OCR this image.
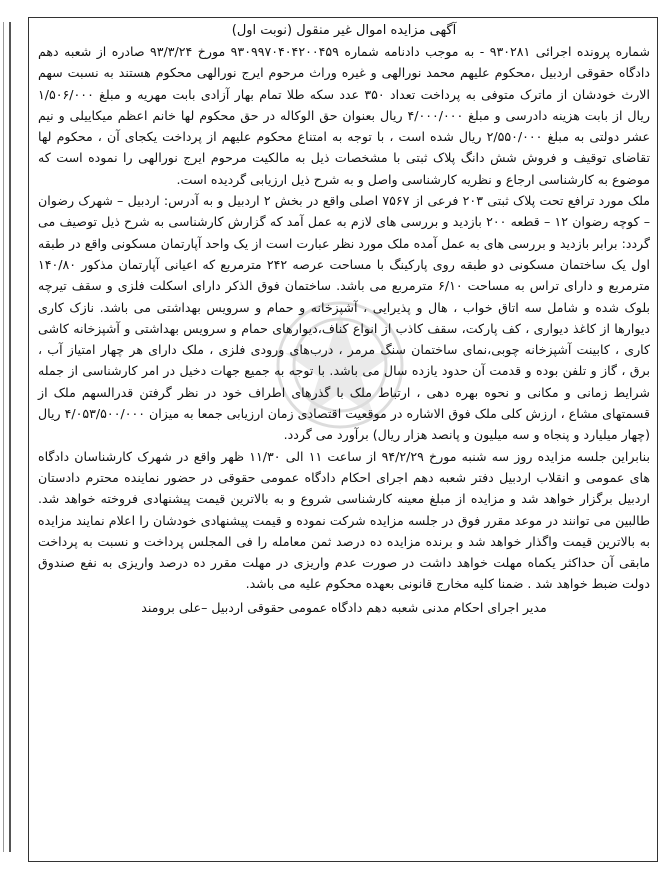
آگهی مزایده اموال غیر منقول (نوبت اول)

شماره پرونده اجرائی ۹۳۰۲۸۱ - به موجب دادنامه شماره ۹۳۰۹۹۷۰۴۰۴۲۰۰۴۵۹ مورخ ۹۳/۳/۲۴ صادره از شعبه دهم دادگاه حقوقی اردبیل ،محکوم علیهم محمد نورالهی و غیره وراث مرحوم ایرج نورالهی محکوم هستند به نسبت سهم الارث خودشان از ماترک متوفی به پرداخت تعداد ۳۵۰ عدد سکه طلا تمام بهار آزادی بابت مهریه و مبلغ ۱/۵۰۶/۰۰۰ ریال از بابت هزینه دادرسی و مبلغ ۴/۰۰۰/۰۰۰ ریال بعنوان حق الوکاله در حق محکوم لها خانم اعظم میکاییلی و نیم عشر دولتی به مبلغ ۲/۵۵۰/۰۰۰ ریال شده است ، با توجه به امتناع محکوم علیهم از پرداخت یکجای آن ، محکوم لها تقاضای توقیف و فروش شش دانگ پلاک ثبتی با مشخصات ذیل به مالکیت مرحوم ایرج نورالهی را نموده است که موضوع به کارشناسی ارجاع و نظریه کارشناسی واصل و به شرح ذیل ارزیابی گردیده است.

ملک مورد ترافع تحت پلاک ثبتی ۲۰۳ فرعی از ۷۵۶۷ اصلی واقع در بخش ۲ اردبیل و به آدرس: اردبیل – شهرک رضوان – کوچه رضوان ۱۲ – قطعه ۲۰۰ بازدید و بررسی های لازم به عمل آمد که گزارش کارشناسی به شرح ذیل توصیف می گردد: برابر بازدید و بررسی های به عمل آمده ملک مورد نظر عبارت است از یک واحد آپارتمان مسکونی واقع در طبقه اول یک ساختمان مسکونی دو طبقه روی پارکینگ با مساحت عرصه ۲۴۲ مترمربع که اعیانی آپارتمان مذکور ۱۴۰/۸۰ مترمربع و دارای تراس به مساحت ۶/۱۰ مترمربع می باشد. ساختمان فوق الذکر دارای اسکلت فلزی و سقف تیرچه بلوک شده و شامل سه اتاق خواب ، هال و پذیرایی ، آشپزخانه و حمام و سرویس بهداشتی می باشد. نازک کاری دیوارها از کاغذ دیواری ، کف پارکت، سقف کاذب از انواع کناف،دیوارهای حمام و سرویس بهداشتی و آشپزخانه کاشی کاری ، کابینت آشپزخانه چوبی،نمای ساختمان سنگ مرمر ، درب‌های ورودی فلزی ، ملک دارای هر چهار امتیاز آب ، برق ، گاز و تلفن بوده و قدمت آن حدود یازده سال می باشد. با توجه به جمیع جهات دخیل در امر کارشناسی از جمله شرایط زمانی و مکانی و نحوه بهره دهی ، ارتباط ملک با گذرهای اطراف خود در نظر گرفتن قدرالسهم ملک از قسمتهای مشاع ، ارزش کلی ملک فوق الاشاره در موقعیت اقتصادی زمان ارزیابی جمعا به میزان ۴/۰۵۳/۵۰۰/۰۰۰ ریال (چهار میلیارد و پنجاه و سه میلیون و پانصد هزار ریال) برآورد می گردد.

بنابراین جلسه مزایده روز سه شنبه مورخ ۹۴/۲/۲۹ از ساعت ۱۱ الی ۱۱/۳۰ ظهر واقع در شهرک کارشناسان دادگاه های عمومی و انقلاب اردبیل دفتر شعبه دهم اجرای احکام دادگاه عمومی حقوقی در حضور نماینده محترم دادستان اردبیل برگزار خواهد شد و مزایده از مبلغ معینه کارشناسی شروع و به بالاترین قیمت پیشنهادی فروخته خواهد شد. طالبین می توانند در موعد مقرر فوق در جلسه مزایده شرکت نموده و قیمت پیشنهادی خودشان را اعلام نمایند مزایده به بالاترین قیمت واگذار خواهد شد و برنده مزایده ده درصد ثمن معامله را فی المجلس پرداخت و نسبت به پرداخت مابقی آن حداکثر یکماه مهلت خواهد داشت در صورت عدم واریزی در مهلت مقرر ده درصد واریزی به نفع صندوق دولت ضبط خواهد شد . ضمنا کلیه مخارج قانونی بعهده محکوم علیه می باشد.

مدیر اجرای احکام مدنی شعبه دهم دادگاه عمومی حقوقی اردبیل –علی برومند
